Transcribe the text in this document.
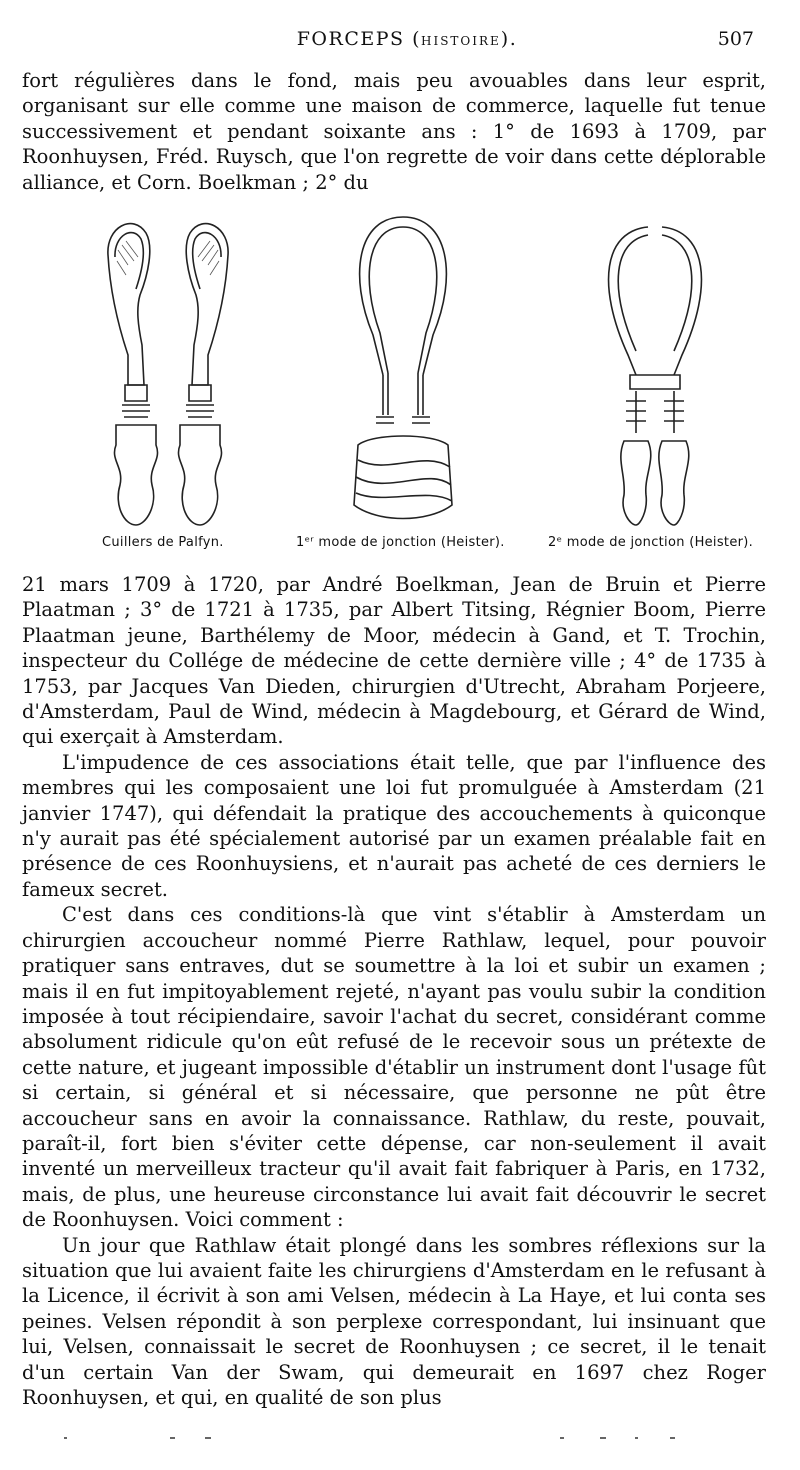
FORCEPS (HISTOIRE).	507

fort régulières dans le fond, mais peu avouables dans leur esprit, organisant sur elle comme une maison de commerce, laquelle fut tenue successivement et pendant soixante ans : 1° de 1693 à 1709, par Roonhuysen, Fréd. Ruysch, que l'on regrette de voir dans cette déplorable alliance, et Corn. Boelkman ; 2° du

Cuillers de Palfyn.	1ᵉʳ mode de jonction (Heister).	2ᵉ mode de jonction (Heister).

21 mars 1709 à 1720, par André Boelkman, Jean de Bruin et Pierre Plaatman ; 3° de 1721 à 1735, par Albert Titsing, Régnier Boom, Pierre Plaatman jeune, Barthélemy de Moor, médecin à Gand, et T. Trochin, inspecteur du Collége de médecine de cette dernière ville ; 4° de 1735 à 1753, par Jacques Van Dieden, chirurgien d'Utrecht, Abraham Porjeere, d'Amsterdam, Paul de Wind, médecin à Magdebourg, et Gérard de Wind, qui exerçait à Amsterdam.

L'impudence de ces associations était telle, que par l'influence des membres qui les composaient une loi fut promulguée à Amsterdam (21 janvier 1747), qui défendait la pratique des accouchements à quiconque n'y aurait pas été spécialement autorisé par un examen préalable fait en présence de ces Roonhuysiens, et n'aurait pas acheté de ces derniers le fameux secret.

C'est dans ces conditions-là que vint s'établir à Amsterdam un chirurgien accoucheur nommé Pierre Rathlaw, lequel, pour pouvoir pratiquer sans entraves, dut se soumettre à la loi et subir un examen ; mais il en fut impitoyablement rejeté, n'ayant pas voulu subir la condition imposée à tout récipiendaire, savoir l'achat du secret, considérant comme absolument ridicule qu'on eût refusé de le recevoir sous un prétexte de cette nature, et jugeant impossible d'établir un instrument dont l'usage fût si certain, si général et si nécessaire, que personne ne pût être accoucheur sans en avoir la connaissance. Rathlaw, du reste, pouvait, paraît-il, fort bien s'éviter cette dépense, car non-seulement il avait inventé un merveilleux tracteur qu'il avait fait fabriquer à Paris, en 1732, mais, de plus, une heureuse circonstance lui avait fait découvrir le secret de Roonhuysen. Voici comment :

Un jour que Rathlaw était plongé dans les sombres réflexions sur la situation que lui avaient faite les chirurgiens d'Amsterdam en le refusant à la Licence, il écrivit à son ami Velsen, médecin à La Haye, et lui conta ses peines. Velsen répondit à son perplexe correspondant, lui insinuant que lui, Velsen, connaissait le secret de Roonhuysen ; ce secret, il le tenait d'un certain Van der Swam, qui demeurait en 1697 chez Roger Roonhuysen, et qui, en qualité de son plus
